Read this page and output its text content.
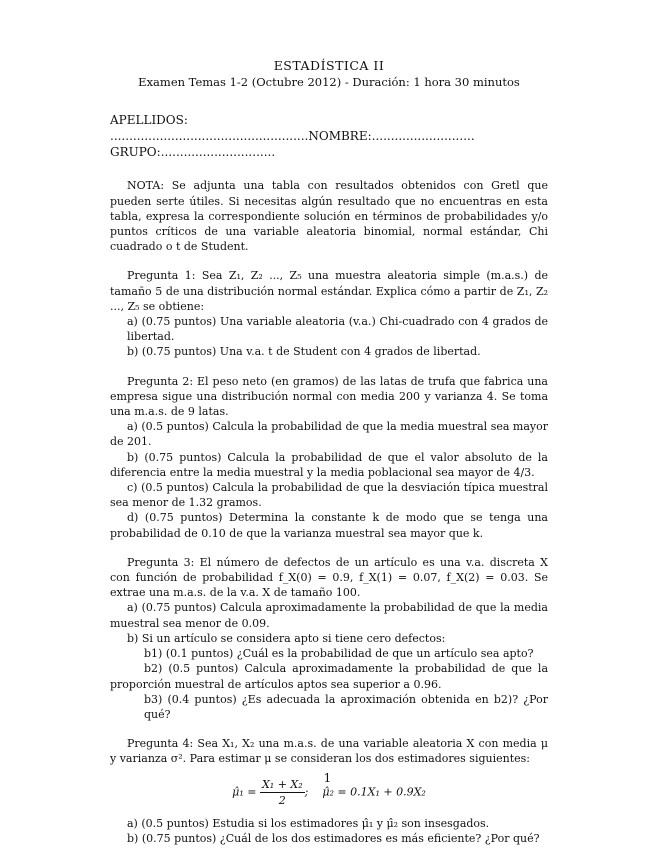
ESTADÍSTICA II
Examen Temas 1-2 (Octubre 2012) - Duración: 1 hora 30 minutos
APELLIDOS: ....................................................NOMBRE:...........................
GRUPO:..............................

NOTA: Se adjunta una tabla con resultados obtenidos con Gretl que pueden serte útiles. Si necesitas algún resultado que no encuentras en esta tabla, expresa la correspondiente solución en términos de probabilidades y/o puntos críticos de una variable aleatoria binomial, normal estándar, Chi cuadrado o t de Student.

Pregunta 1: Sea Z₁, Z₂ ..., Z₅ una muestra aleatoria simple (m.a.s.) de tamaño 5 de una distribución normal estándar. Explica cómo a partir de Z₁, Z₂ ..., Z₅ se obtiene:

a) (0.75 puntos) Una variable aleatoria (v.a.) Chi-cuadrado con 4 grados de libertad.

b) (0.75 puntos) Una v.a. t de Student con 4 grados de libertad.

Pregunta 2: El peso neto (en gramos) de las latas de trufa que fabrica una empresa sigue una distribución normal con media 200 y varianza 4. Se toma una m.a.s. de 9 latas.

a) (0.5 puntos) Calcula la probabilidad de que la media muestral sea mayor de 201.

b) (0.75 puntos) Calcula la probabilidad de que el valor absoluto de la diferencia entre la media muestral y la media poblacional sea mayor de 4/3.

c) (0.5 puntos) Calcula la probabilidad de que la desviación típica muestral sea menor de 1.32 gramos.

d) (0.75 puntos) Determina la constante k de modo que se tenga una probabilidad de 0.10 de que la varianza muestral sea mayor que k.

Pregunta 3: El número de defectos de un artículo es una v.a. discreta X con función de probabilidad f_X(0) = 0.9, f_X(1) = 0.07, f_X(2) = 0.03. Se extrae una m.a.s. de la v.a. X de tamaño 100.

a) (0.75 puntos) Calcula aproximadamente la probabilidad de que la media muestral sea menor de 0.09.

b) Si un artículo se considera apto si tiene cero defectos:

b1) (0.1 puntos) ¿Cuál es la probabilidad de que un artículo sea apto?

b2) (0.5 puntos) Calcula aproximadamente la probabilidad de que la proporción muestral de artículos aptos sea superior a 0.96.

b3) (0.4 puntos) ¿Es adecuada la aproximación obtenida en b2)? ¿Por qué?

Pregunta 4: Sea X₁, X₂ una m.a.s. de una variable aleatoria X con media μ y varianza σ². Para estimar μ se consideran los dos estimadores siguientes:

μ̂₁ = $\frac{\text{X₁ + X₂}}{2}$ ; μ̂₂ = 0.1X₁ + 0.9X₂

a) (0.5 puntos) Estudia si los estimadores μ̂₁ y μ̂₂ son insesgados.

b) (0.75 puntos) ¿Cuál de los dos estimadores es más eficiente? ¿Por qué?

1
